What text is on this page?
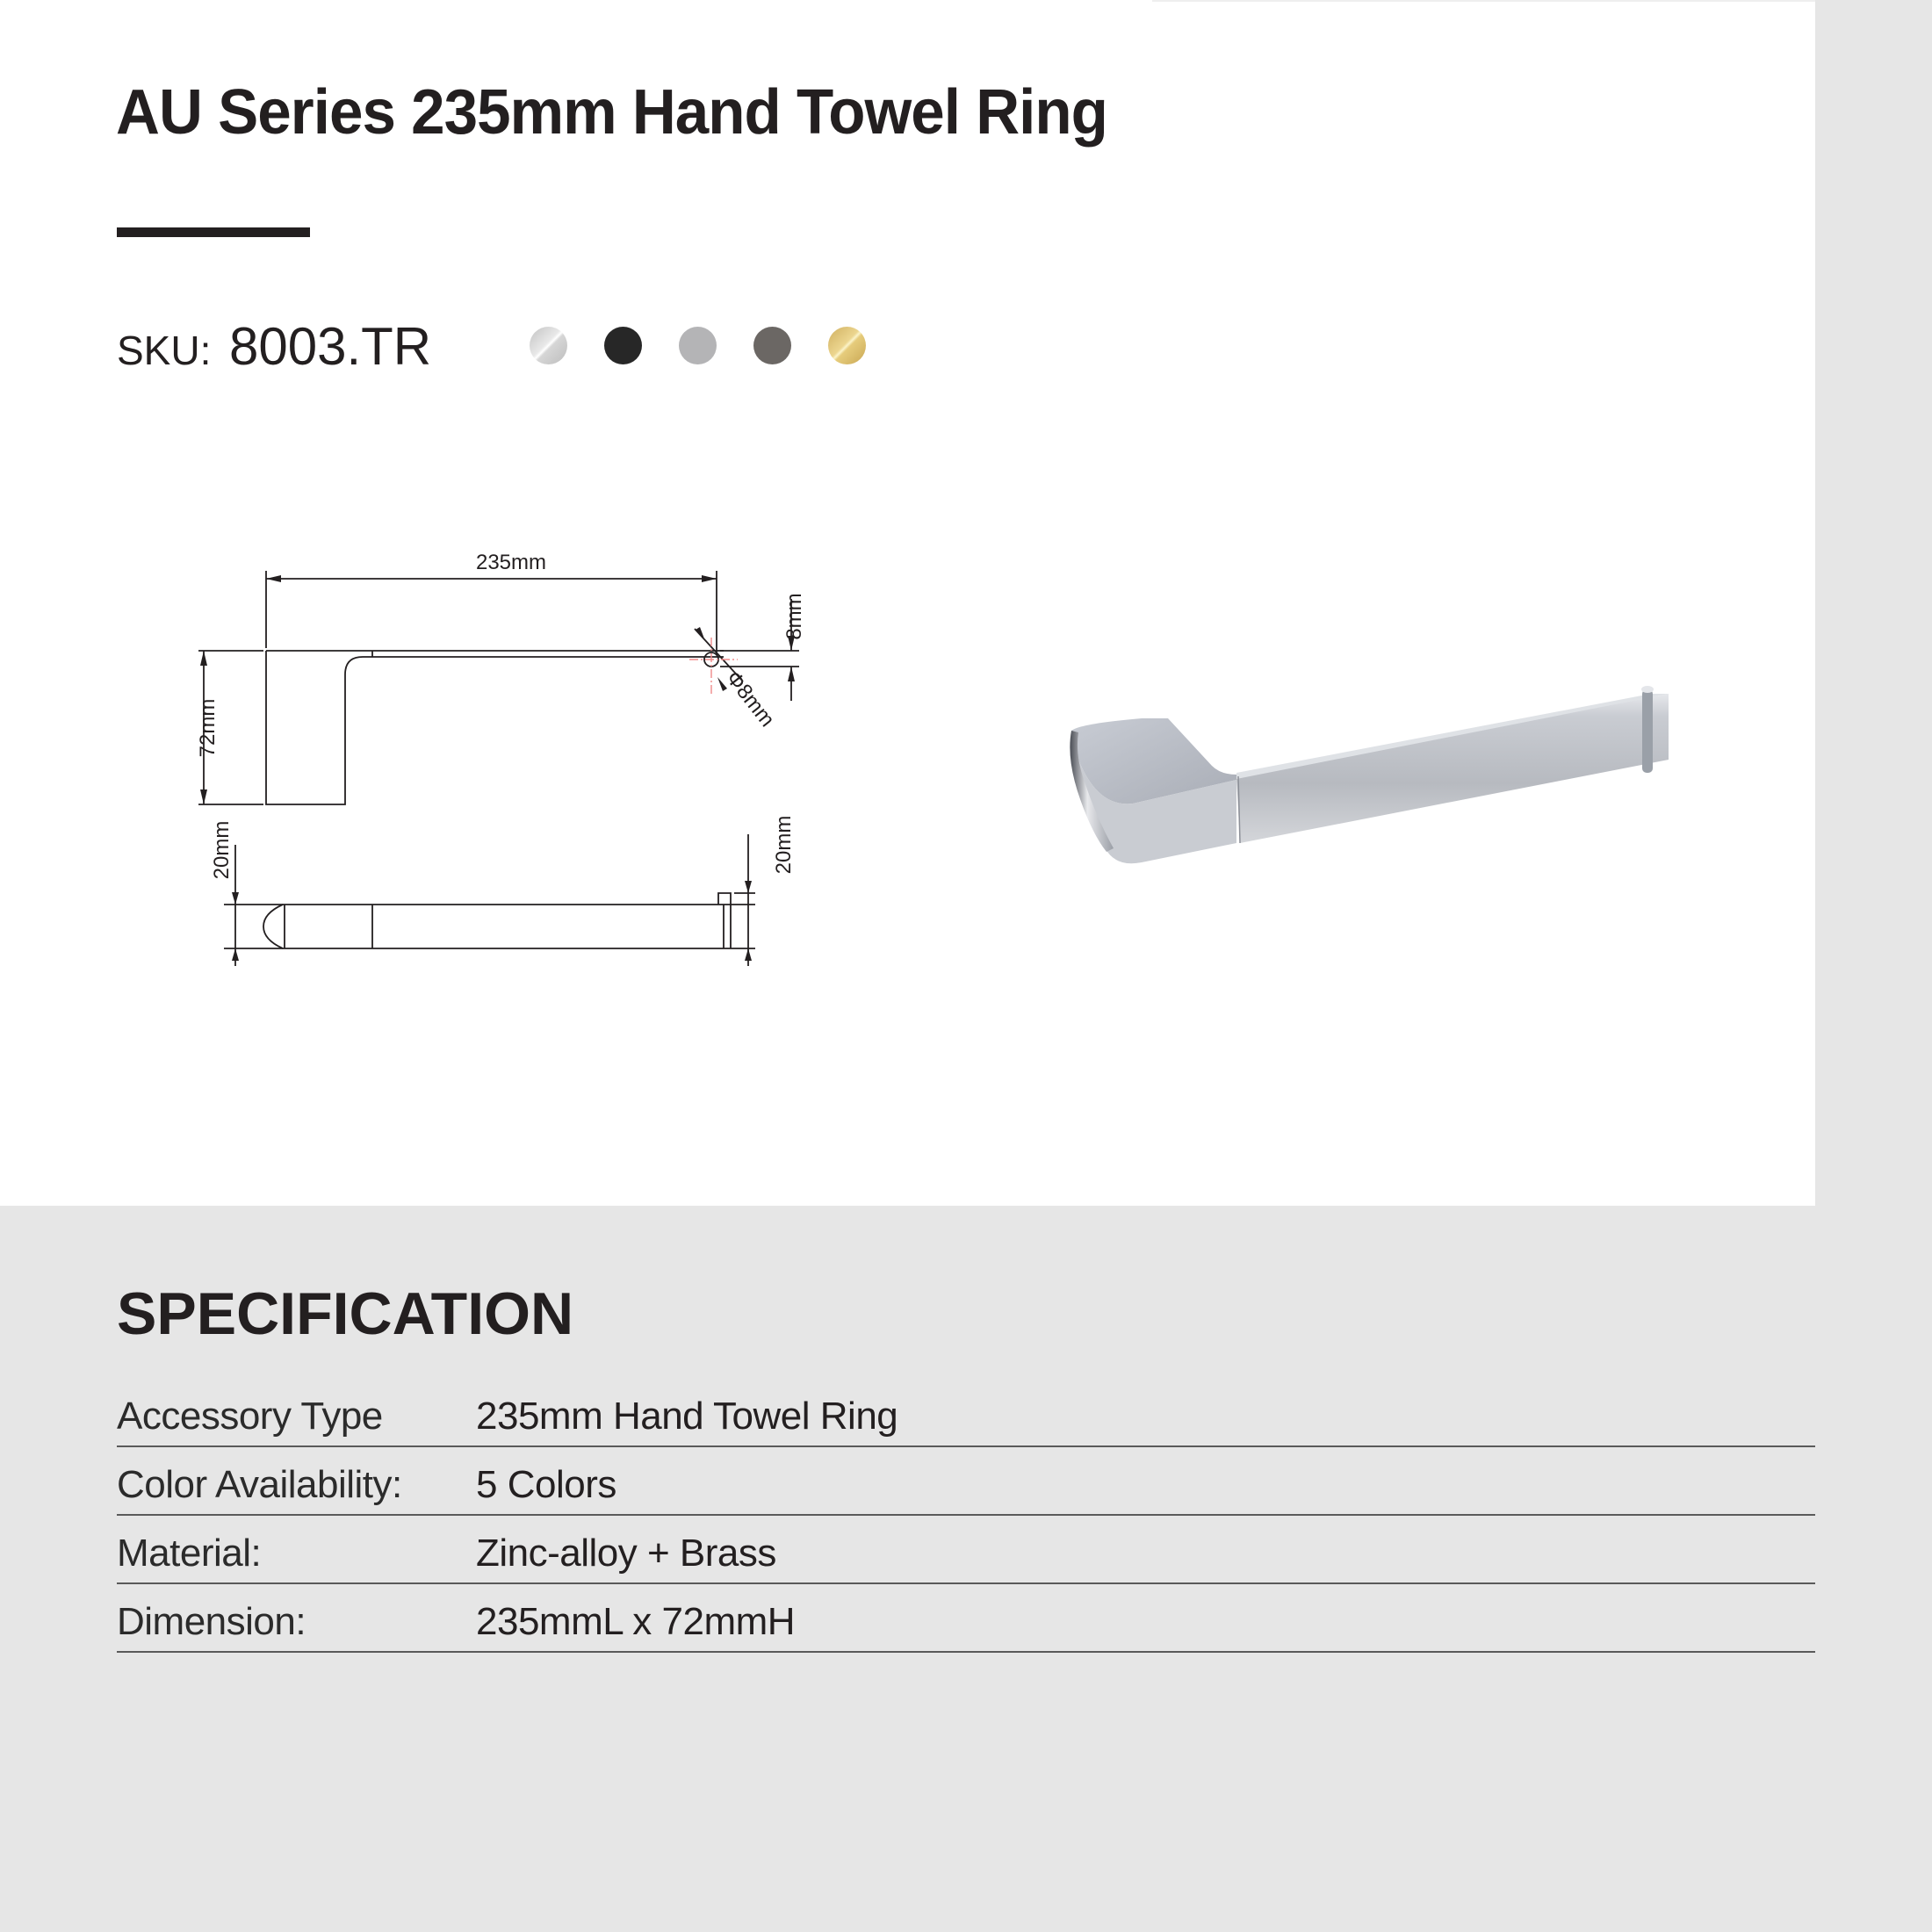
AU Series 235mm Hand Towel Ring
SKU: 8003.TR
235mm
72mm
8mm
Φ8mm
20mm	20mm
SPECIFICATION
Accessory Type 235mm Hand Towel Ring
Color Availability: 5 Colors
Material:	Zinc-alloy + Brass
Dimension:	235mmL x 72mmH
